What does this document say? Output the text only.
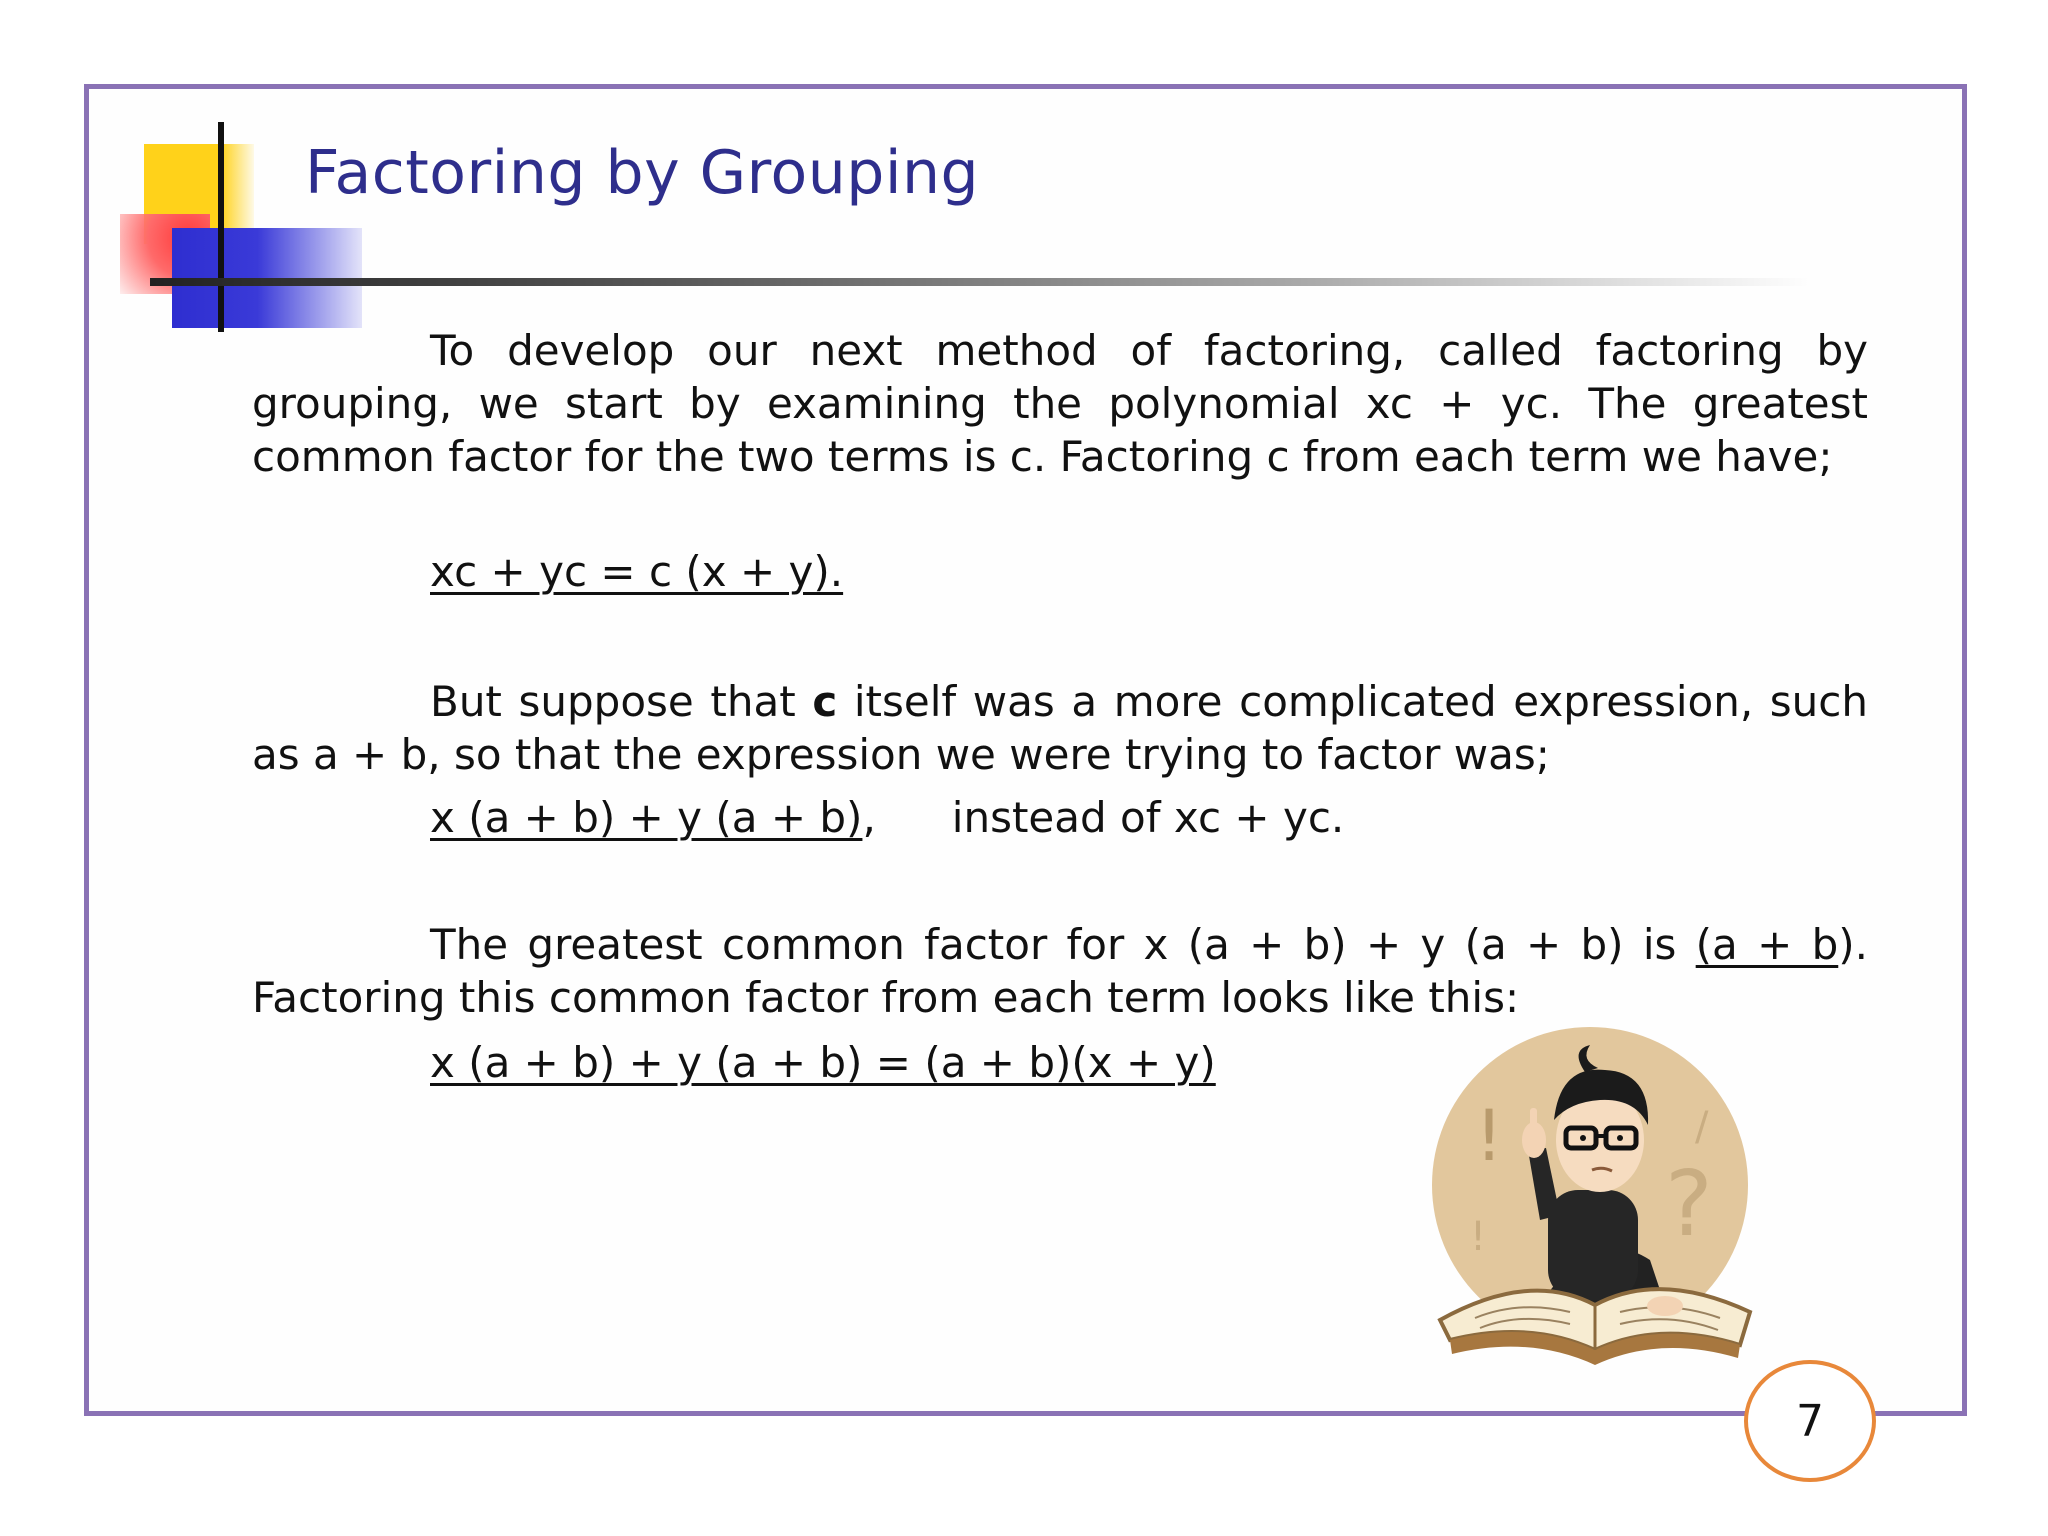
Factoring by Grouping

To develop our next method of factoring, called factoring by grouping, we start by examining the polynomial xc + yc. The greatest common factor for the two terms is c. Factoring c from each term we have;

xc + yc = c (x + y).

But suppose that c itself was a more complicated expression, such as a + b, so that the expression we were trying to factor was;

x (a + b) + y (a + b), instead of xc + yc.

The greatest common factor for x (a + b) + y (a + b) is (a + b). Factoring this common factor from each term looks like this:

x (a + b) + y (a + b) = (a + b)(x + y)

!
?
/
!
7
